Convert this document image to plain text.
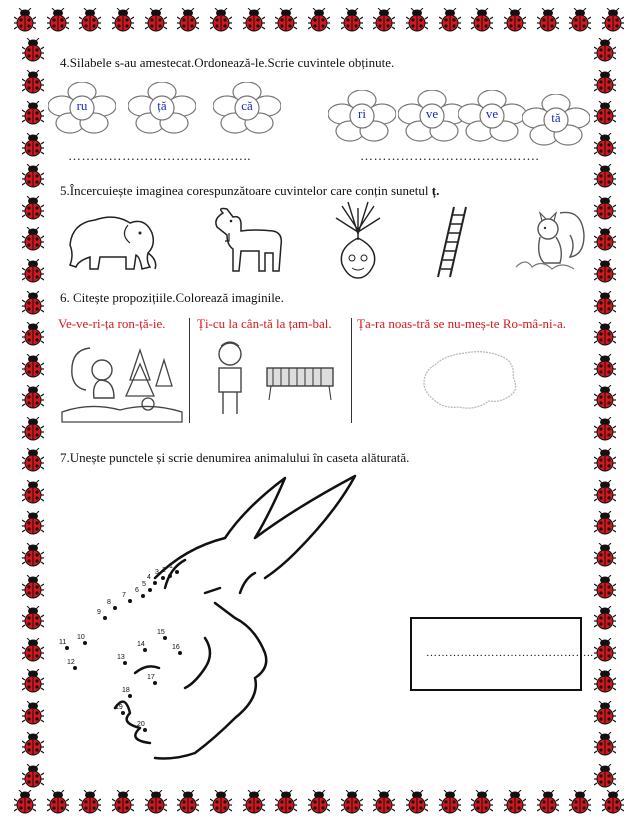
4.Silabele s-au amestecat.Ordonează-le.Scrie cuvintele obținute.
ru	ță	că
ri	ve	ve	tă
…………………………………..	………………………………….
5.Încercuiește imaginea corespunzătoare cuvintelor care conțin sunetul ț.
6. Citește propozițiile.Colorează imaginile.
Ve-ve-ri-ța ron-ță-ie. Ți-cu la cân-tă la țam-bal. Ța-ra noas-tră se nu-meș-te Ro-mâ-ni-a.
7.Unește punctele și scrie denumirea animalului în caseta alăturată.
11
10
9
8
7
6
5
4
3 2
1
12
13
14
15
16
17
18
19
20
……………………………………..
